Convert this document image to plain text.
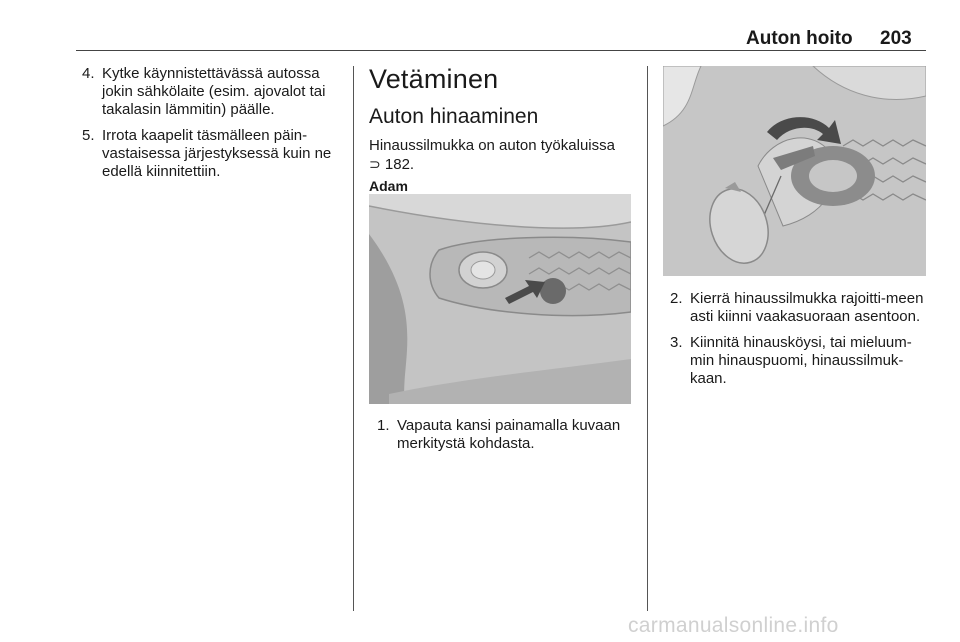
Auton hoito 203
4. Kytke käynnistettävässä autossa jokin sähkölaite (esim. ajovalot tai takalasin lämmitin) päälle.
5. Irrota kaapelit täsmälleen päin-vastaisessa järjestyksessä kuin ne edellä kiinnitettiin.
Vetäminen
Auton hinaaminen
Hinaussilmukka on auton työkaluissa
⊃ 182.
Adam
1. Vapauta kansi painamalla kuvaan merkitystä kohdasta.
2. Kierrä hinaussilmukka rajoitti-meen asti kiinni vaakasuoraan asentoon.
3. Kiinnitä hinausköysi, tai mieluum-min hinauspuomi, hinaussilmuk-kaan.
carmanualsonline.info
